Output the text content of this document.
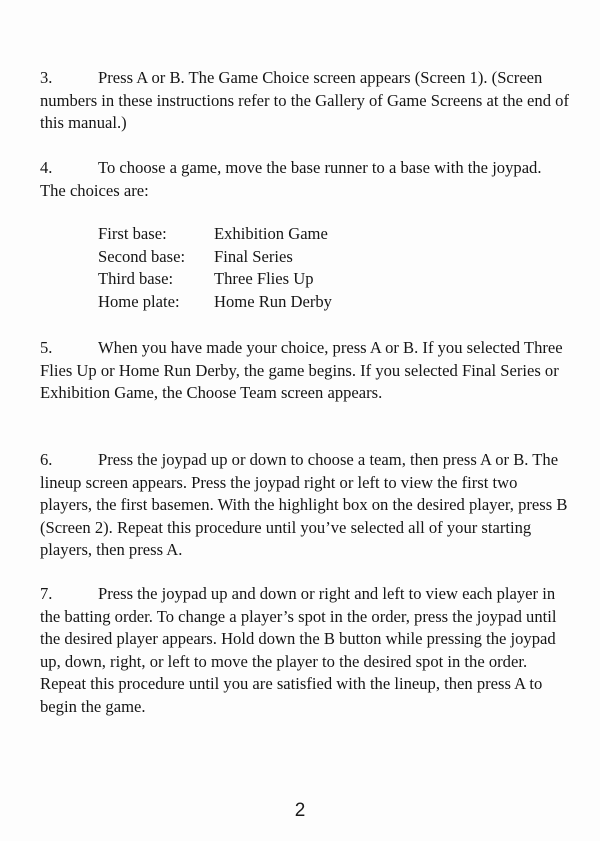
3.	Press A or B. The Game Choice screen appears (Screen 1). (Screen numbers in these instructions refer to the Gallery of Game Screens at the end of this manual.)

4.	To choose a game, move the base runner to a base with the joypad. The choices are:

First base:	Exhibition Game
Second base:	Final Series
Third base:	Three Flies Up
Home plate:	Home Run Derby

5.	When you have made your choice, press A or B. If you selected Three Flies Up or Home Run Derby, the game begins. If you selected Final Series or Exhibition Game, the Choose Team screen appears.

6.	Press the joypad up or down to choose a team, then press A or B. The lineup screen appears. Press the joypad right or left to view the first two players, the first basemen. With the highlight box on the desired player, press B (Screen 2). Repeat this procedure until you’ve selected all of your starting players, then press A.

7.	Press the joypad up and down or right and left to view each player in the batting order. To change a player’s spot in the order, press the joypad until the desired player appears. Hold down the B button while pressing the joypad up, down, right, or left to move the player to the desired spot in the order. Repeat this procedure until you are satisfied with the lineup, then press A to begin the game.

2
